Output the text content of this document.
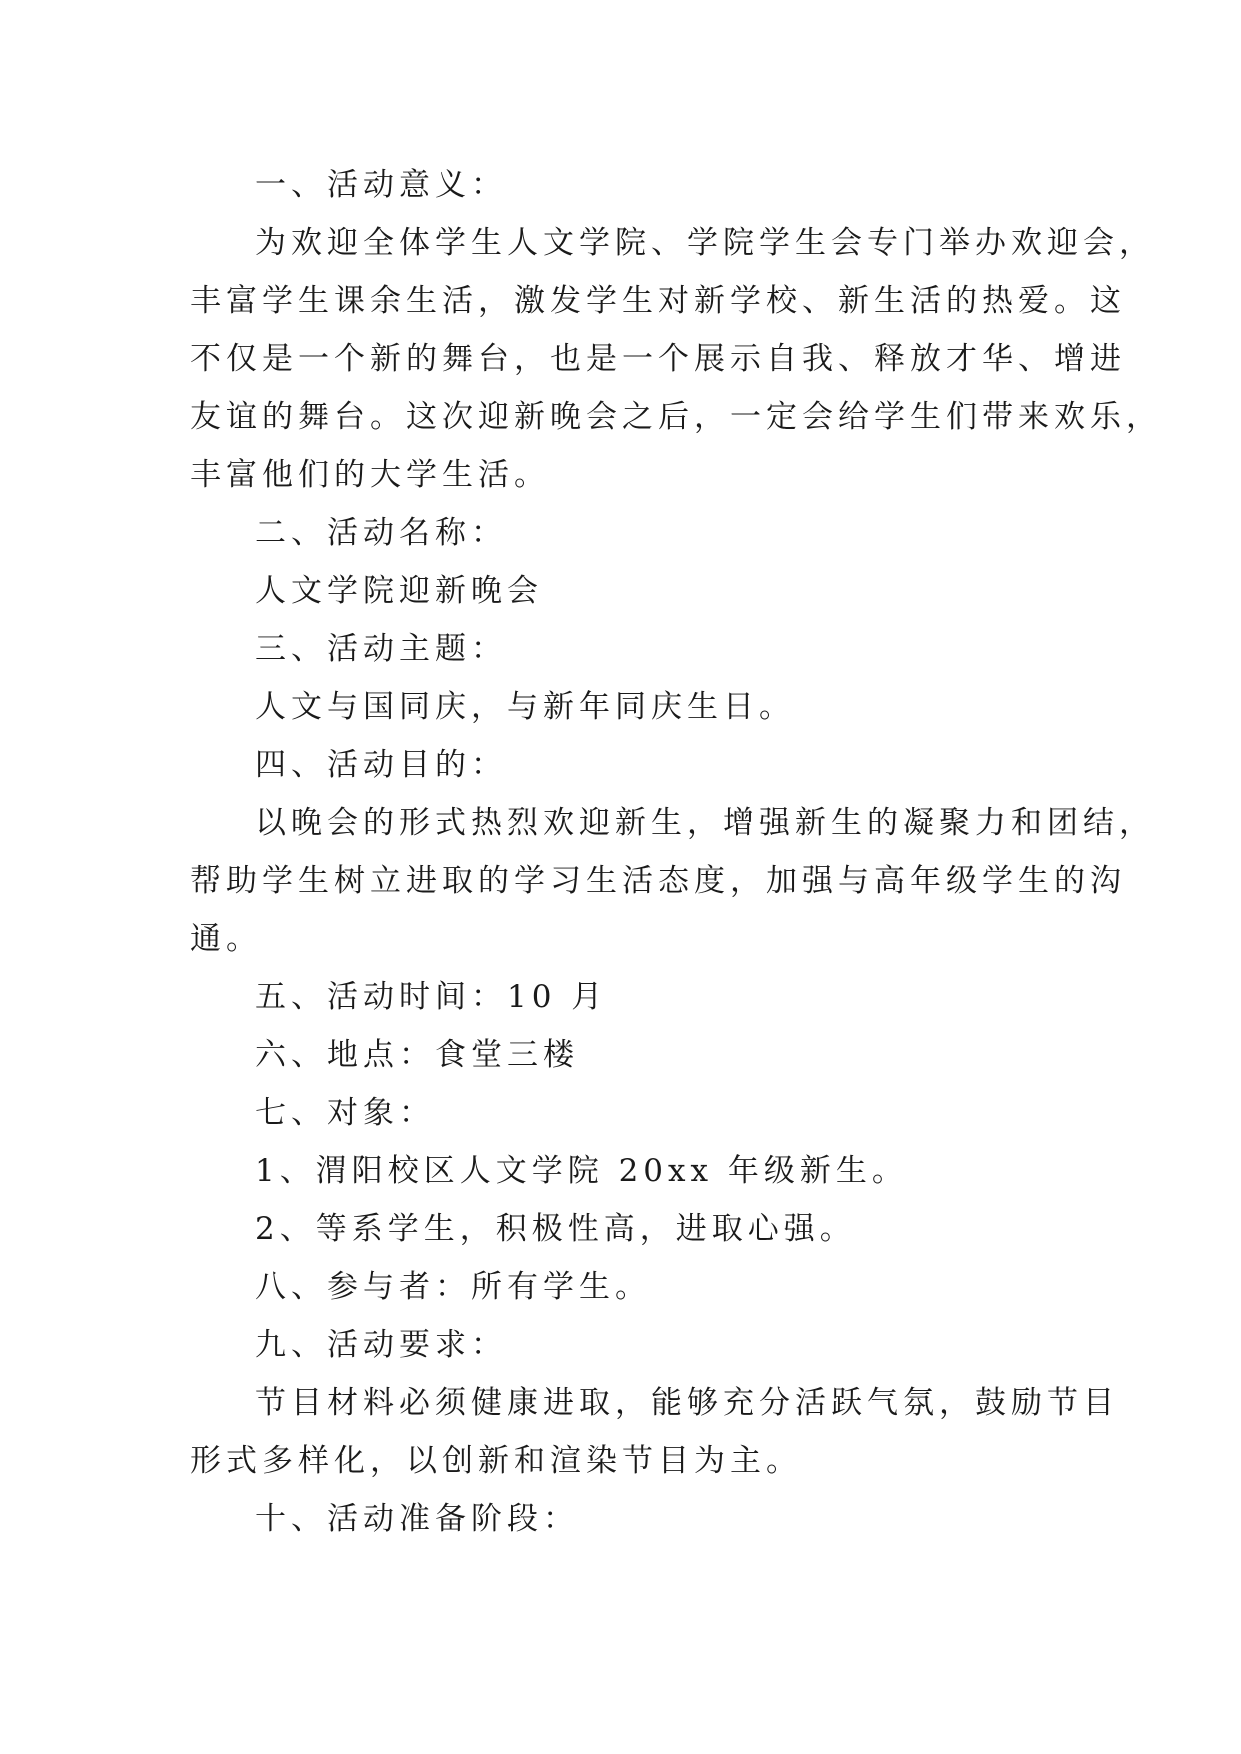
一、活动意义：

为欢迎全体学生人文学院、学院学生会专门举办欢迎会，

丰富学生课余生活，激发学生对新学校、新生活的热爱。这

不仅是一个新的舞台，也是一个展示自我、释放才华、增进

友谊的舞台。这次迎新晚会之后，一定会给学生们带来欢乐，

丰富他们的大学生活。

二、活动名称：

人文学院迎新晚会

三、活动主题：

人文与国同庆，与新年同庆生日。

四、活动目的：

以晚会的形式热烈欢迎新生，增强新生的凝聚力和团结，

帮助学生树立进取的学习生活态度，加强与高年级学生的沟

通。

五、活动时间：10 月

六、地点：食堂三楼

七、对象：

1、渭阳校区人文学院 20xx 年级新生。

2、等系学生，积极性高，进取心强。

八、参与者：所有学生。

九、活动要求：

节目材料必须健康进取，能够充分活跃气氛，鼓励节目

形式多样化，以创新和渲染节目为主。

十、活动准备阶段：
